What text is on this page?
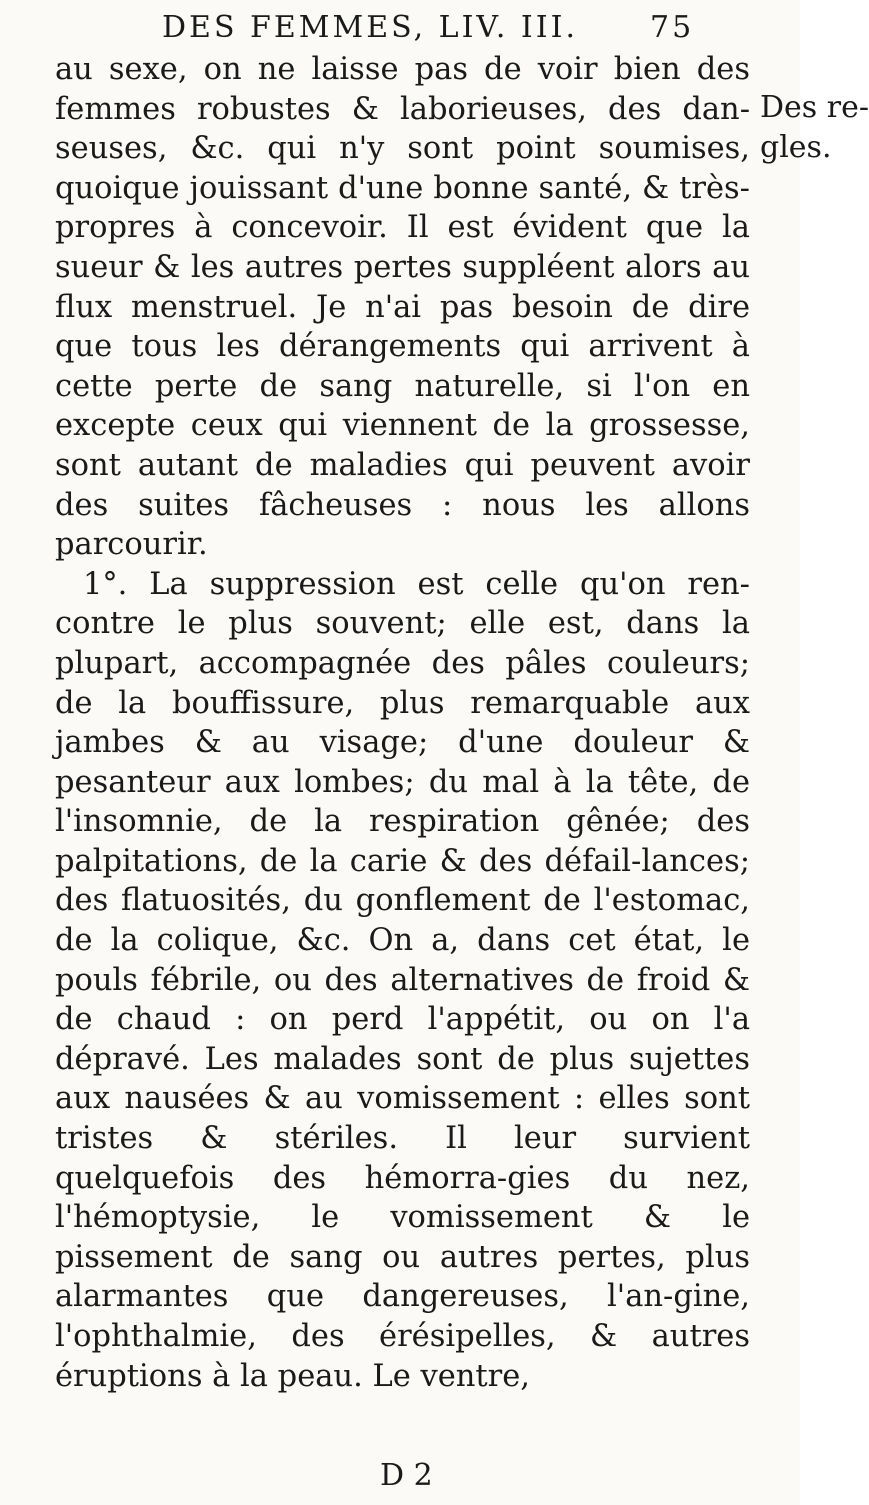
DES FEMMES, LIV. III. 75

au sexe, on ne laisse pas de voir bien des femmes robustes & laborieuses, des dan-seuses, &c. qui n'y sont point soumises, quoique jouissant d'une bonne santé, & très-propres à concevoir. Il est évident que la sueur & les autres pertes suppléent alors au flux menstruel. Je n'ai pas besoin de dire que tous les dérangements qui arrivent à cette perte de sang naturelle, si l'on en excepte ceux qui viennent de la grossesse, sont autant de maladies qui peuvent avoir des suites fâcheuses : nous les allons parcourir.

1°. La suppression est celle qu'on ren-contre le plus souvent; elle est, dans la plupart, accompagnée des pâles couleurs; de la bouffissure, plus remarquable aux jambes & au visage; d'une douleur & pesanteur aux lombes; du mal à la tête, de l'insomnie, de la respiration gênée; des palpitations, de la carie & des défail-lances; des flatuosités, du gonflement de l'estomac, de la colique, &c. On a, dans cet état, le pouls fébrile, ou des alternatives de froid & de chaud : on perd l'appétit, ou on l'a dépravé. Les malades sont de plus sujettes aux nausées & au vomissement : elles sont tristes & stériles. Il leur survient quelquefois des hémorra-gies du nez, l'hémoptysie, le vomissement & le pissement de sang ou autres pertes, plus alarmantes que dangereuses, l'an-gine, l'ophthalmie, des érésipelles, & autres éruptions à la peau. Le ventre,

Des re-
gles.
D 2
